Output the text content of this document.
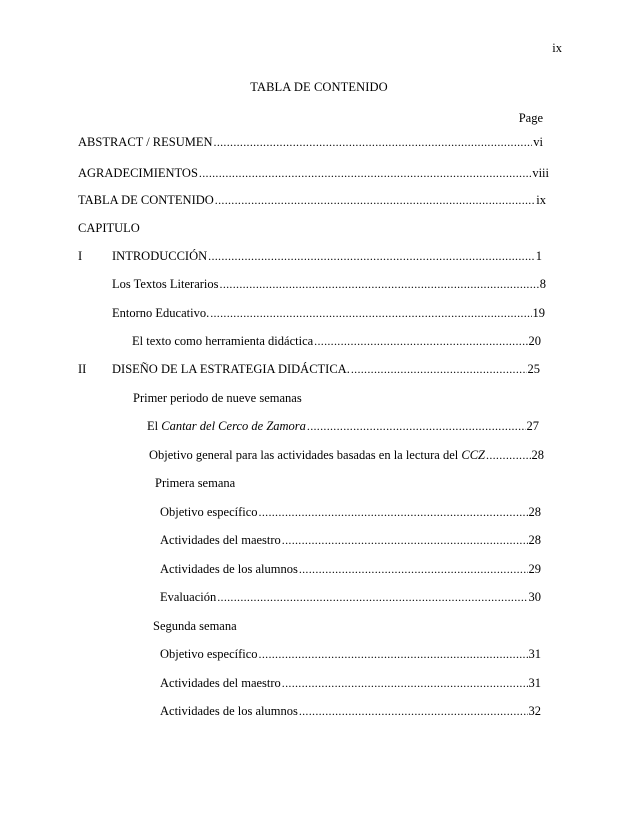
ix
TABLA DE CONTENIDO
Page
ABSTRACT / RESUMEN .....	vi
AGRADECIMIENTOS .....	viii
TABLA DE CONTENIDO .....	ix
CAPITULO
I INTRODUCCIÓN .....	1
Los Textos Literarios .....	8
Entorno Educativo. .....	19
El texto como herramienta didáctica .....	20
II DISEÑO DE LA ESTRATEGIA DIDÁCTICA. .....	25
Primer periodo de nueve semanas
El Cantar del Cerco de Zamora .....	27
Objetivo general para las actividades basadas en la lectura del CCZ .....	28
Primera semana
Objetivo específico .....	28
Actividades del maestro .....	28
Actividades de los alumnos .....	29
Evaluación .....	30
Segunda semana
Objetivo específico .....	31
Actividades del maestro .....	31
Actividades de los alumnos .....	32
